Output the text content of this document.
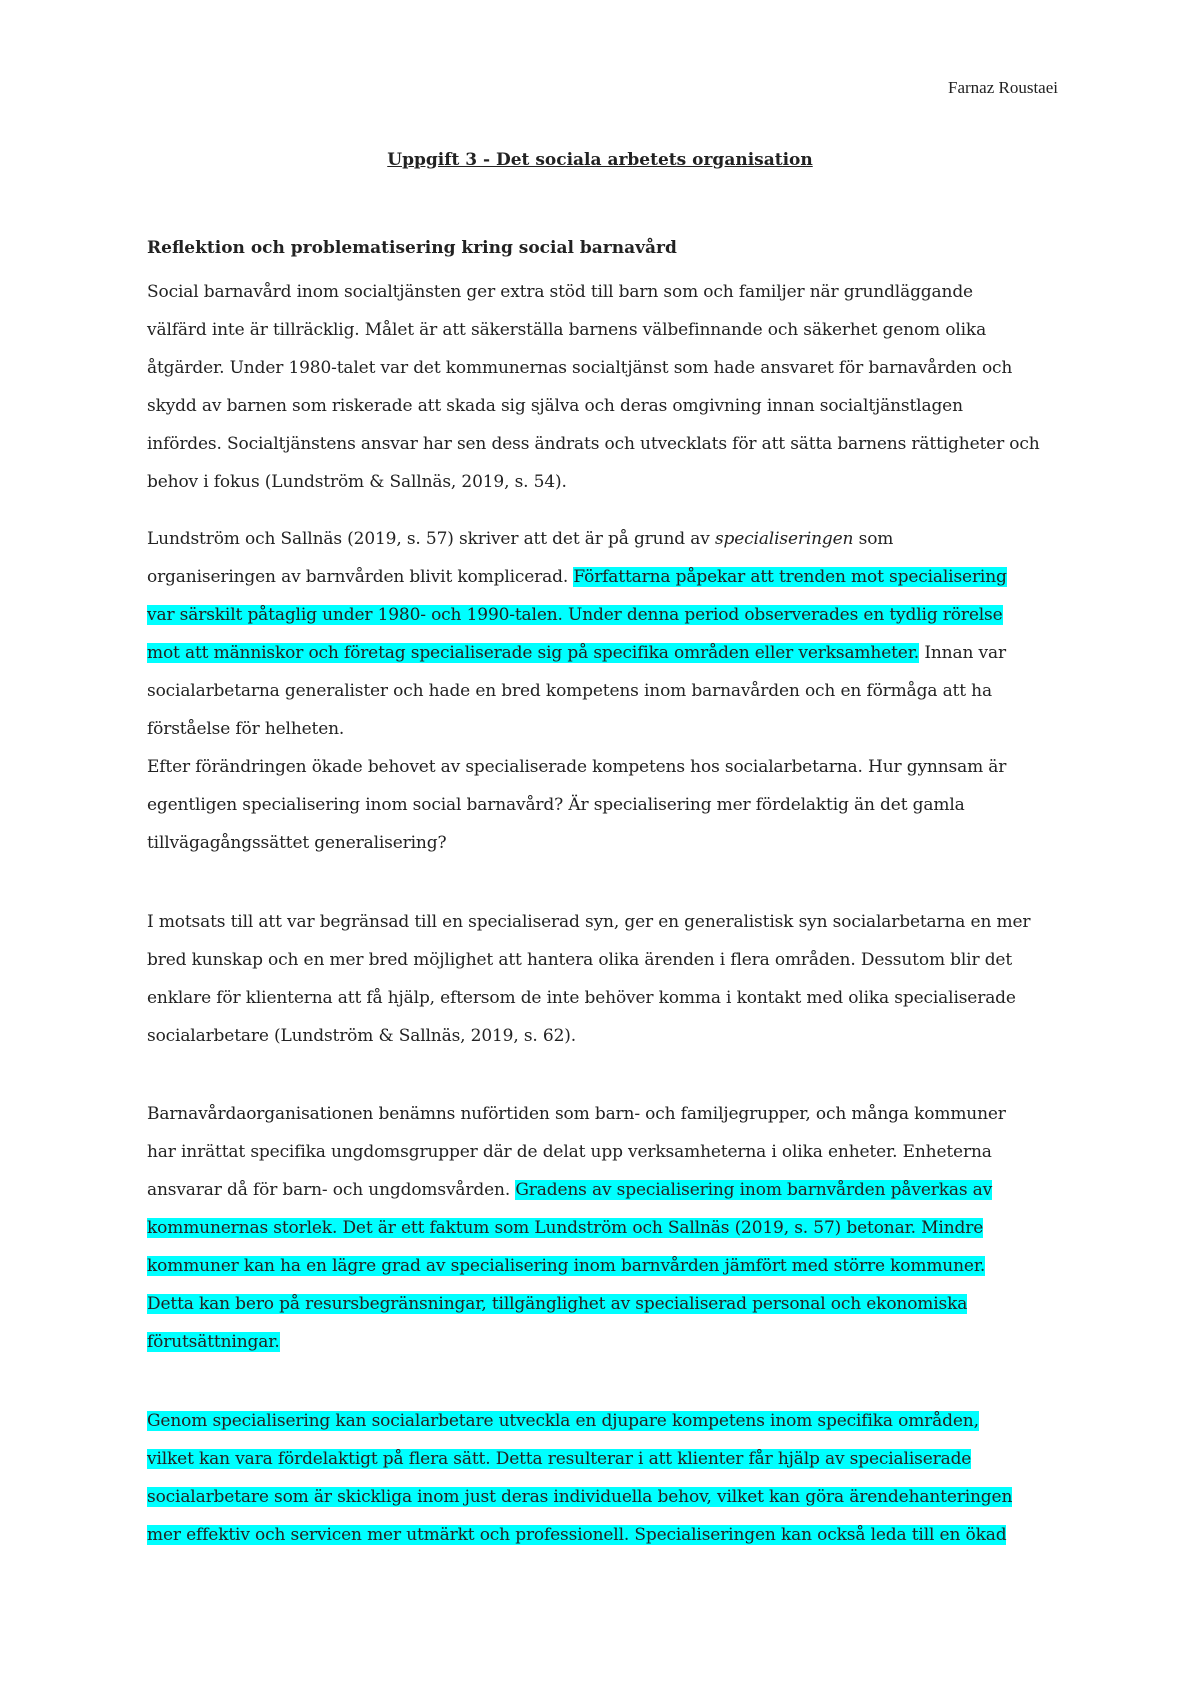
Farnaz Roustaei
Uppgift 3 - Det sociala arbetets organisation
Reflektion och problematisering kring social barnavård
Social barnavård inom socialtjänsten ger extra stöd till barn som och familjer när grundläggande
välfärd inte är tillräcklig. Målet är att säkerställa barnens välbefinnande och säkerhet genom olika
åtgärder. Under 1980-talet var det kommunernas socialtjänst som hade ansvaret för barnavården och
skydd av barnen som riskerade att skada sig själva och deras omgivning innan socialtjänstlagen
infördes. Socialtjänstens ansvar har sen dess ändrats och utvecklats för att sätta barnens rättigheter och
behov i fokus (Lundström & Sallnäs, 2019, s. 54).
Lundström och Sallnäs (2019, s. 57) skriver att det är på grund av specialiseringen som
organiseringen av barnvården blivit komplicerad. Författarna påpekar att trenden mot specialisering
var särskilt påtaglig under 1980- och 1990-talen. Under denna period observerades en tydlig rörelse
mot att människor och företag specialiserade sig på specifika områden eller verksamheter. Innan var
socialarbetarna generalister och hade en bred kompetens inom barnavården och en förmåga att ha
förståelse för helheten.
Efter förändringen ökade behovet av specialiserade kompetens hos socialarbetarna. Hur gynnsam är
egentligen specialisering inom social barnavård? Är specialisering mer fördelaktig än det gamla
tillvägagångssättet generalisering?
I motsats till att var begränsad till en specialiserad syn, ger en generalistisk syn socialarbetarna en mer
bred kunskap och en mer bred möjlighet att hantera olika ärenden i flera områden. Dessutom blir det
enklare för klienterna att få hjälp, eftersom de inte behöver komma i kontakt med olika specialiserade
socialarbetare (Lundström & Sallnäs, 2019, s. 62).
Barnavårdaorganisationen benämns nuförtiden som barn- och familjegrupper, och många kommuner
har inrättat specifika ungdomsgrupper där de delat upp verksamheterna i olika enheter. Enheterna
ansvarar då för barn- och ungdomsvården. Gradens av specialisering inom barnvården påverkas av
kommunernas storlek. Det är ett faktum som Lundström och Sallnäs (2019, s. 57) betonar. Mindre
kommuner kan ha en lägre grad av specialisering inom barnvården jämfört med större kommuner.
Detta kan bero på resursbegränsningar, tillgänglighet av specialiserad personal och ekonomiska
förutsättningar.
Genom specialisering kan socialarbetare utveckla en djupare kompetens inom specifika områden,
vilket kan vara fördelaktigt på flera sätt. Detta resulterar i att klienter får hjälp av specialiserade
socialarbetare som är skickliga inom just deras individuella behov, vilket kan göra ärendehanteringen
mer effektiv och servicen mer utmärkt och professionell. Specialiseringen kan också leda till en ökad
